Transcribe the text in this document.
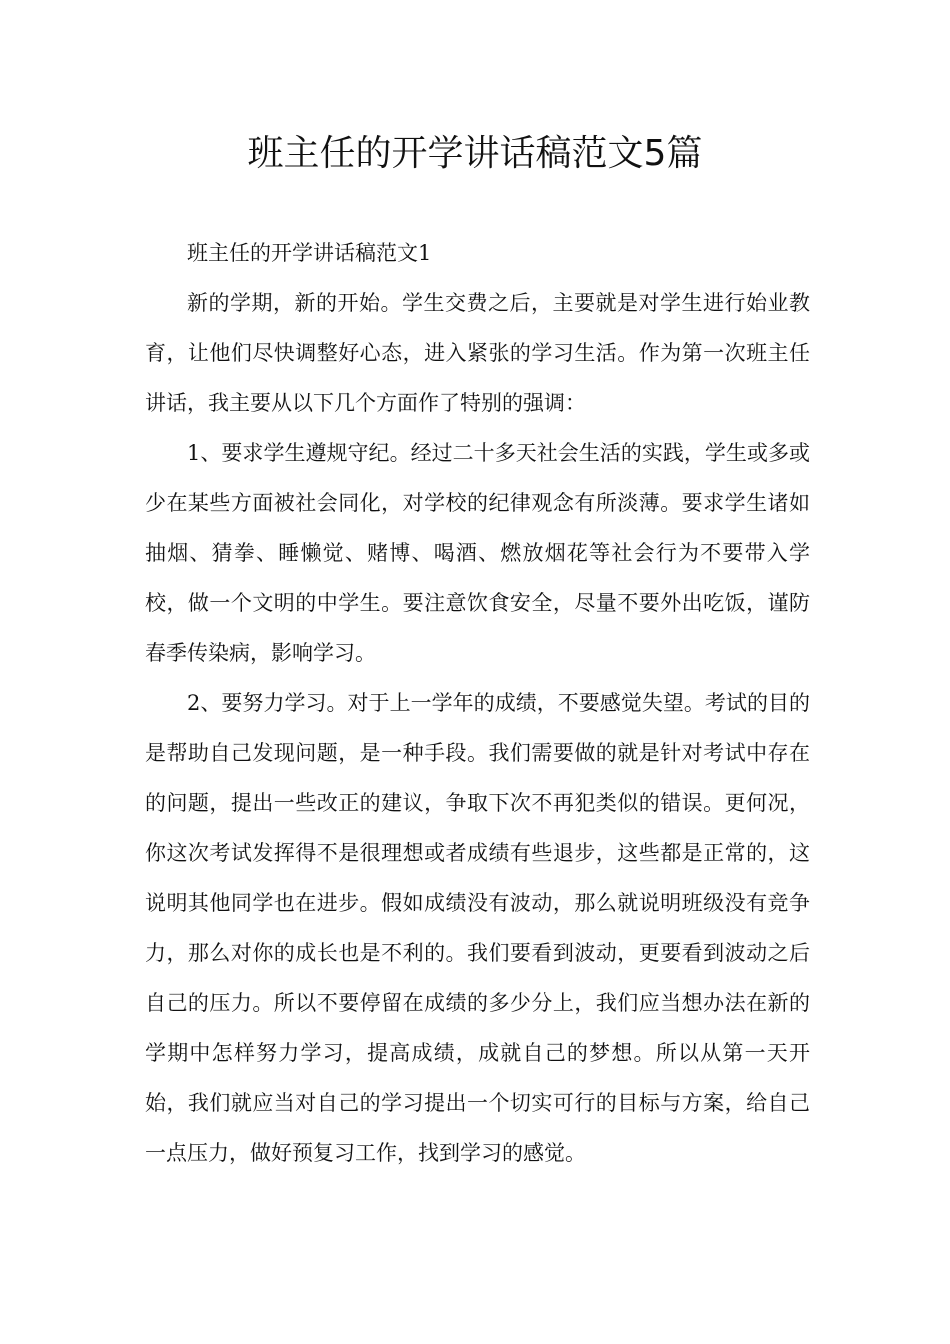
班主任的开学讲话稿范文5篇

班主任的开学讲话稿范文1

新的学期，新的开始。学生交费之后，主要就是对学生进行始业教育，让他们尽快调整好心态，进入紧张的学习生活。作为第一次班主任讲话，我主要从以下几个方面作了特别的强调：

1、要求学生遵规守纪。经过二十多天社会生活的实践，学生或多或少在某些方面被社会同化，对学校的纪律观念有所淡薄。要求学生诸如抽烟、猜拳、睡懒觉、赌博、喝酒、燃放烟花等社会行为不要带入学校，做一个文明的中学生。要注意饮食安全，尽量不要外出吃饭，谨防春季传染病，影响学习。

2、要努力学习。对于上一学年的成绩，不要感觉失望。考试的目的是帮助自己发现问题，是一种手段。我们需要做的就是针对考试中存在的问题，提出一些改正的建议，争取下次不再犯类似的错误。更何况，你这次考试发挥得不是很理想或者成绩有些退步，这些都是正常的，这说明其他同学也在进步。假如成绩没有波动，那么就说明班级没有竞争力，那么对你的成长也是不利的。我们要看到波动，更要看到波动之后自己的压力。所以不要停留在成绩的多少分上，我们应当想办法在新的学期中怎样努力学习，提高成绩，成就自己的梦想。所以从第一天开始，我们就应当对自己的学习提出一个切实可行的目标与方案，给自己一点压力，做好预复习工作，找到学习的感觉。
